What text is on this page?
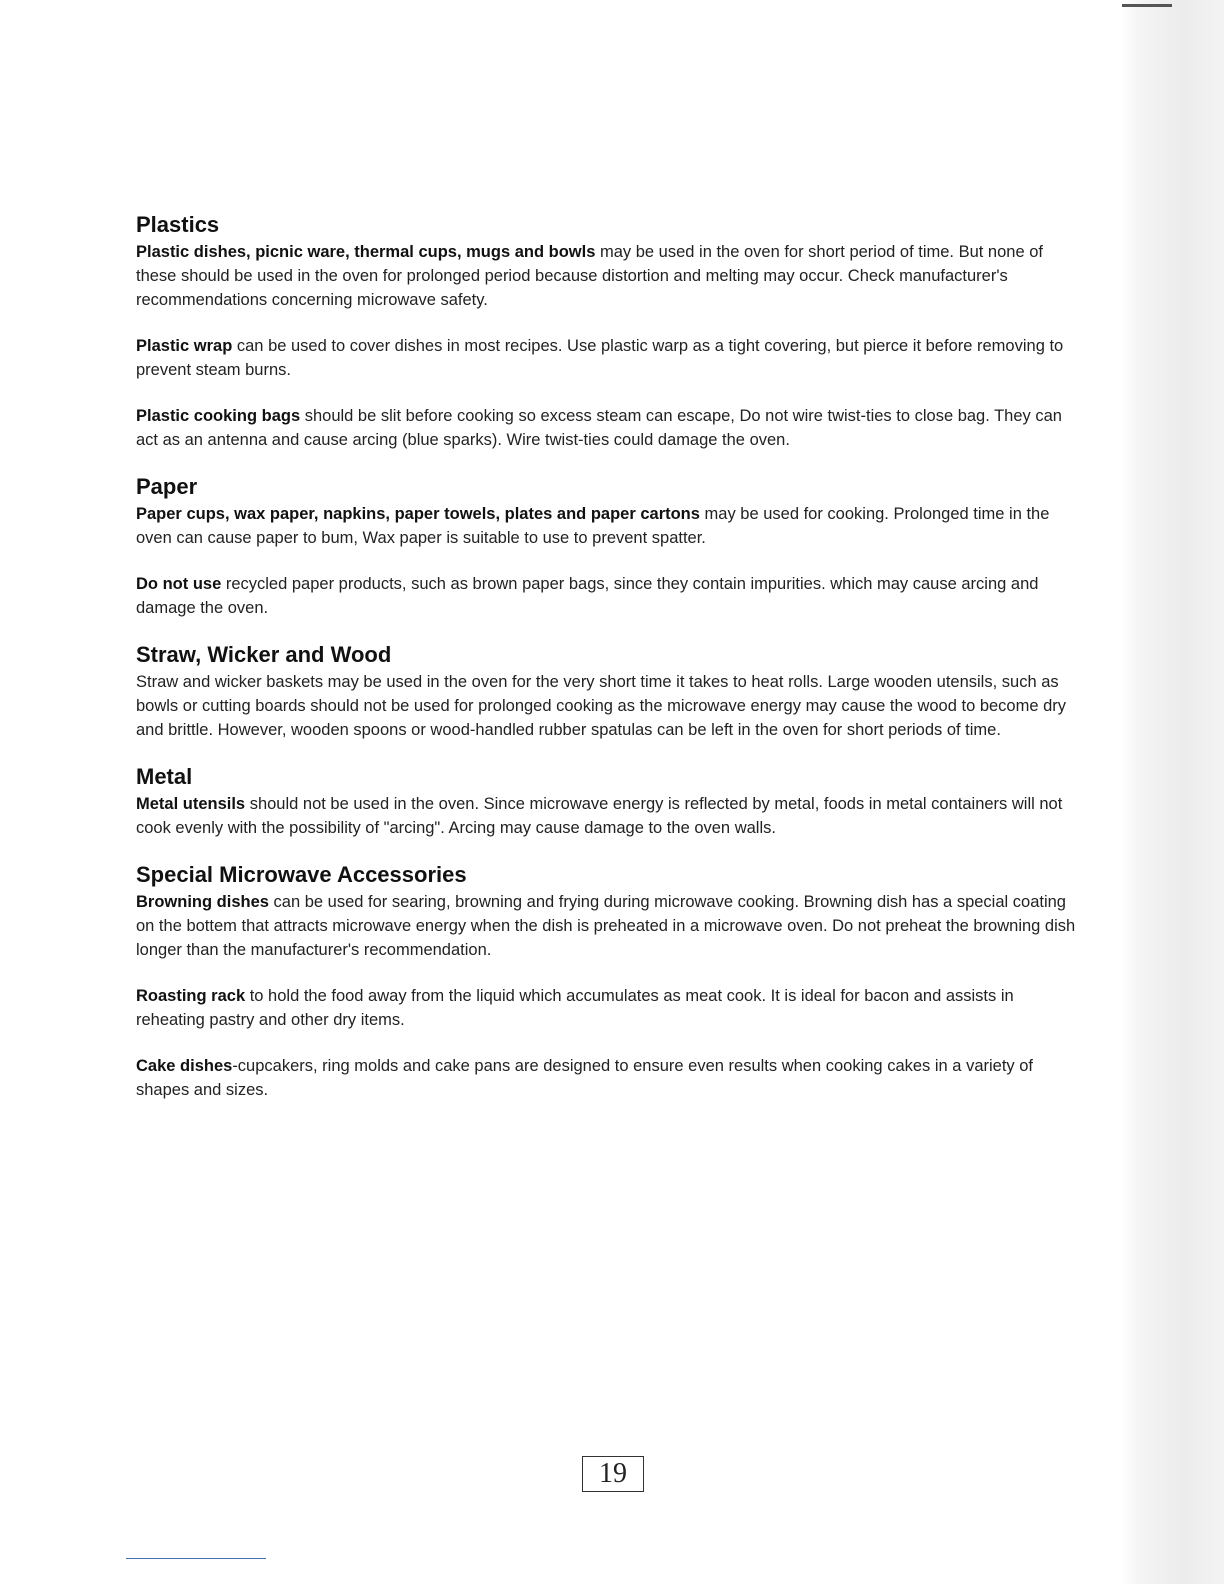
Plastics

Plastic dishes, picnic ware, thermal cups, mugs and bowls may be used in the oven for short period of time. But none of these should be used in the oven for prolonged period because distortion and melting may occur. Check manufacturer's recommendations concerning microwave safety.

Plastic wrap can be used to cover dishes in most recipes. Use plastic warp as a tight covering, but pierce it before removing to prevent steam burns.

Plastic cooking bags should be slit before cooking so excess steam can escape, Do not wire twist-ties to close bag. They can act as an antenna and cause arcing (blue sparks). Wire twist-ties could damage the oven.

Paper

Paper cups, wax paper, napkins, paper towels, plates and paper cartons may be used for cooking. Prolonged time in the oven can cause paper to bum, Wax paper is suitable to use to prevent spatter.

Do not use recycled paper products, such as brown paper bags, since they contain impurities. which may cause arcing and damage the oven.

Straw, Wicker and Wood

Straw and wicker baskets may be used in the oven for the very short time it takes to heat rolls. Large wooden utensils, such as bowls or cutting boards should not be used for prolonged cooking as the microwave energy may cause the wood to become dry and brittle. However, wooden spoons or wood-handled rubber spatulas can be left in the oven for short periods of time.

Metal

Metal utensils should not be used in the oven. Since microwave energy is reflected by metal, foods in metal containers will not cook evenly with the possibility of "arcing". Arcing may cause damage to the oven walls.

Special Microwave Accessories

Browning dishes can be used for searing, browning and frying during microwave cooking. Browning dish has a special coating on the bottem that attracts microwave energy when the dish is preheated in a microwave oven. Do not preheat the browning dish longer than the manufacturer's recommendation.

Roasting rack to hold the food away from the liquid which accumulates as meat cook. It is ideal for bacon and assists in reheating pastry and other dry items.

Cake dishes-cupcakers, ring molds and cake pans are designed to ensure even results when cooking cakes in a variety of shapes and sizes.

19
